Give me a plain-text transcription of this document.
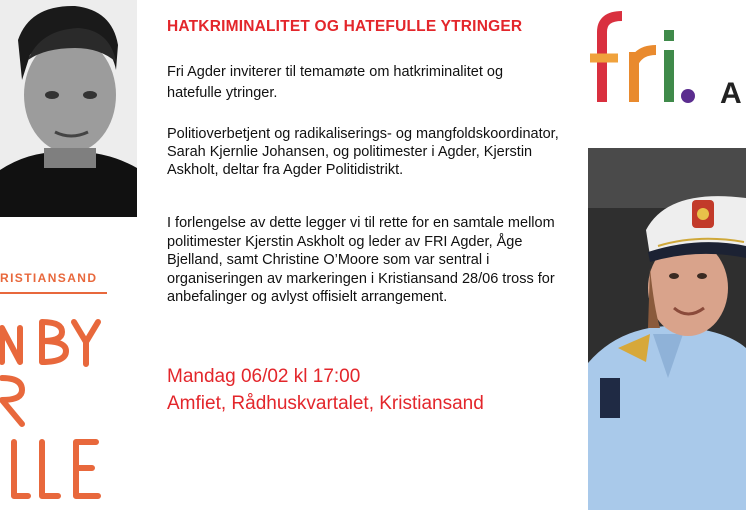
RISTIANSAND
HATKRIMINALITET OG HATEFULLE YTRINGER
Fri Agder inviterer til temamøte om hatkriminalitet og hatefulle ytringer.
Politioverbetjent og radikaliserings- og mangfoldskoordinator, Sarah Kjernlie Johansen, og politimester i Agder, Kjerstin Askholt, deltar fra Agder Politidistrikt.
I forlengelse av dette legger vi til rette for en samtale mellom politimester Kjerstin Askholt og leder av FRI Agder, Åge Bjelland, samt Christine O’Moore som var sentral i organiseringen av markeringen i Kristiansand 28/06 tross for anbefalinger og avlyst offisielt arrangement.
Mandag 06/02 kl 17:00
Amfiet, Rådhuskvartalet, Kristiansand
A
